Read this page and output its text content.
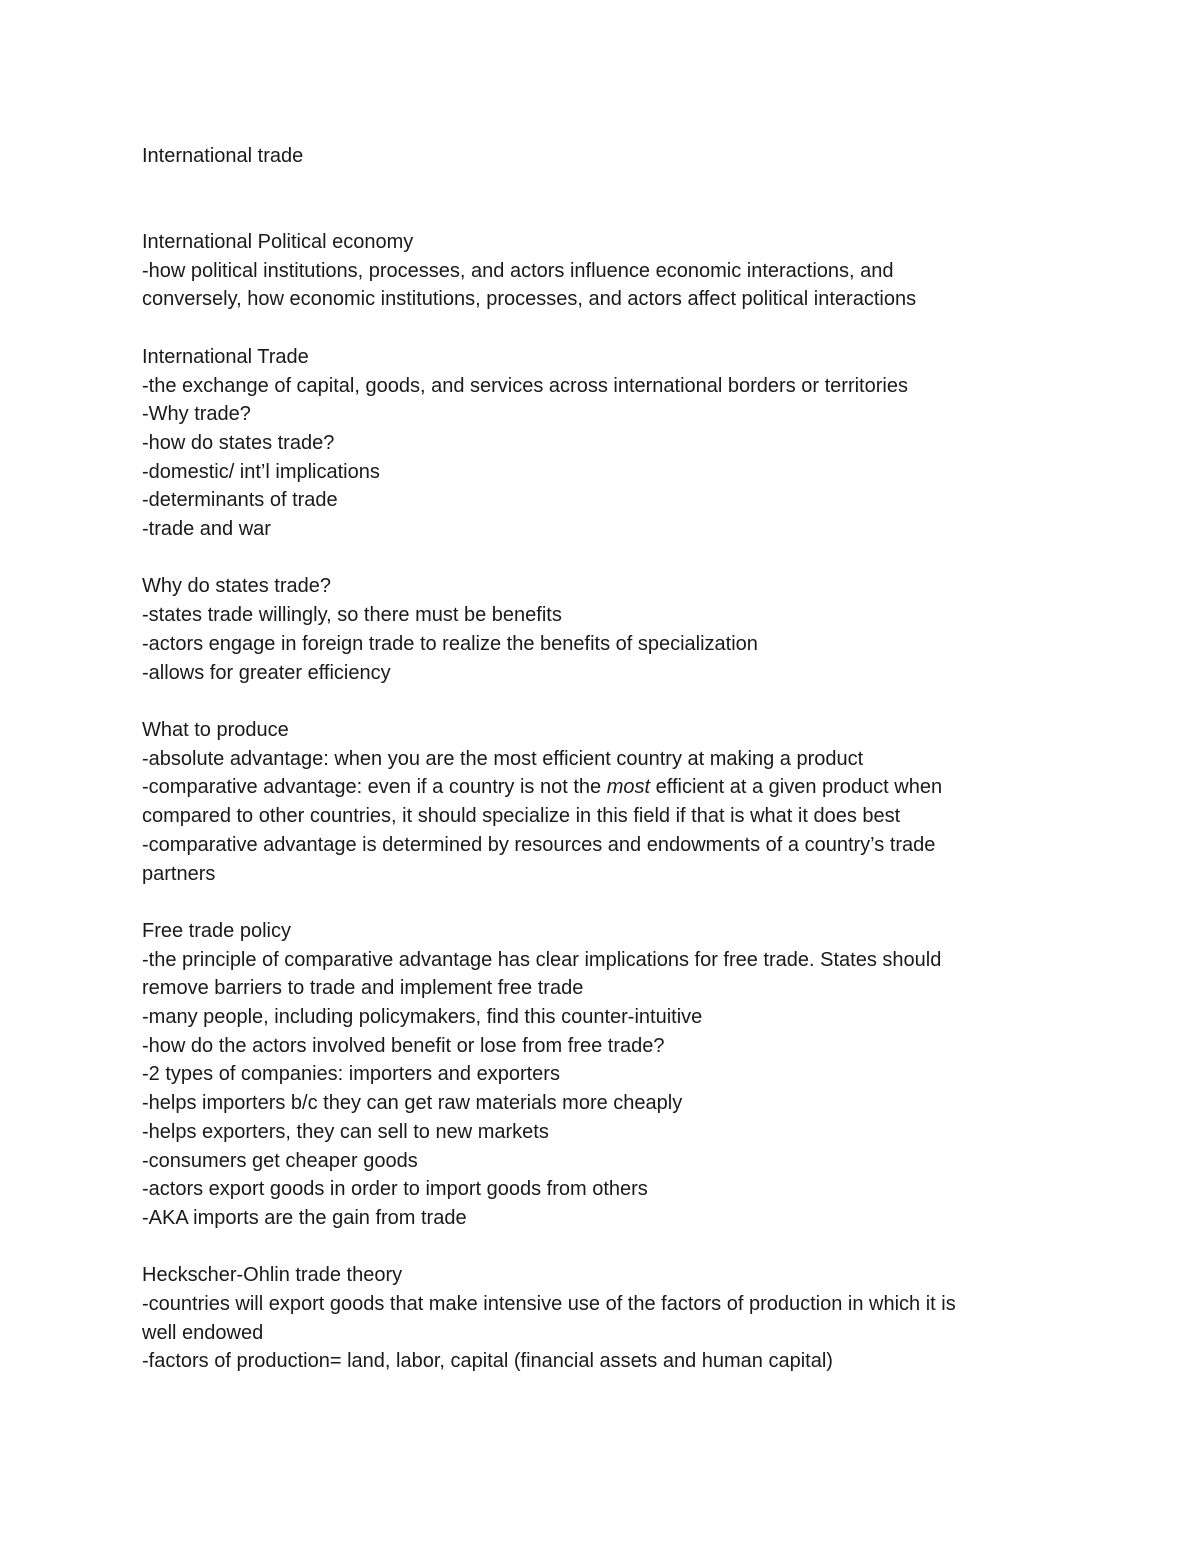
International trade
International Political economy
-how political institutions, processes, and actors influence economic interactions, and
conversely, how economic institutions, processes, and actors affect political interactions
International Trade
-the exchange of capital, goods, and services across international borders or territories
-Why trade?
-how do states trade?
-domestic/ int’l implications
-determinants of trade
-trade and war
Why do states trade?
-states trade willingly, so there must be benefits
-actors engage in foreign trade to realize the benefits of specialization
-allows for greater efficiency
What to produce
-absolute advantage: when you are the most efficient country at making a product
-comparative advantage: even if a country is not the most efficient at a given product when
compared to other countries, it should specialize in this field if that is what it does best
-comparative advantage is determined by resources and endowments of a country’s trade
partners
Free trade policy
-the principle of comparative advantage has clear implications for free trade. States should
remove barriers to trade and implement free trade
-many people, including policymakers, find this counter-intuitive
-how do the actors involved benefit or lose from free trade?
-2 types of companies: importers and exporters
-helps importers b/c they can get raw materials more cheaply
-helps exporters, they can sell to new markets
-consumers get cheaper goods
-actors export goods in order to import goods from others
-AKA imports are the gain from trade
Heckscher-Ohlin trade theory
-countries will export goods that make intensive use of the factors of production in which it is
well endowed
-factors of production= land, labor, capital (financial assets and human capital)
